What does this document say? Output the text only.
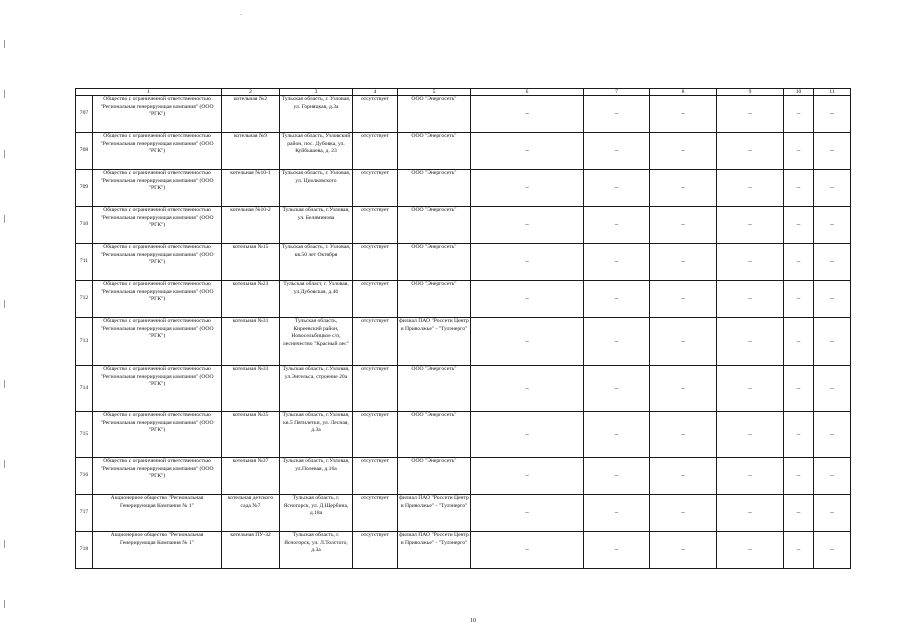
-
1		2	3	4	5	6	7	8	9	10	11
707	Общество с ограниченной ответственностью "Региональная генерирующая компания" (ООО "РГК")	котельная №2	Тульская область, г. Узловая, ул. Горняцкая, д.3а	отсутствует	ООО "Энергосеть"	–	–	–	–	–	–
708	Общество с ограниченной ответственностью "Региональная генерирующая компания" (ООО "РГК")	котельная №9	Тульская область, Узловский район, пос. Дубовка, ул. Куйбышева, д. 23	отсутствует	ООО "Энергосеть"	–	–	–	–	–	–
709	Общество с ограниченной ответственностью "Региональная генерирующая компания" (ООО "РГК")	котельная №10-1	Тульская область, г. Узловая, ул. Циолковского	отсутствует	ООО "Энергосеть"	–	–	–	–	–	–
710	Общество с ограниченной ответственностью "Региональная генерирующая компания" (ООО "РГК")	котельная №10-2	Тульская область, г.Узловая, ул. Беляминова	отсутствует	ООО "Энергосеть"	–	–	–	–	–	–
711	Общество с ограниченной ответственностью "Региональная генерирующая компания" (ООО "РГК")	котельная №15	Тульская область, г. Узловая, кв.50 лет Октября	отсутствует	ООО "Энергосеть"	–	–	–	–	–	–
712	Общество с ограниченной ответственностью "Региональная генерирующая компания" (ООО "РГК")	котельная №23	Тульская област, г. Узловая, ул.Дубовская, д.46	отсутствует	ООО "Энергосеть"	–	–	–	–	–	–
713	Общество с ограниченной ответственностью "Региональная генерирующая компания" (ООО "РГК")	котельная №31	Тульская область, Киреевский район, Новосельбицкое с/п, лесничество "Красный лес"	отсутствует	филиал ПАО "Россети Центр и Приволжье" - "Тулэнерго"	–	–	–	–	–	–
714	Общество с ограниченной ответственностью "Региональная генерирующая компания" (ООО "РГК")	котельная №33	Тульская область, г.Узловая, ул.Энгельса, строение 20а	отсутствует	ООО "Энергосеть"	–	–	–	–	–	–
715	Общество с ограниченной ответственностью "Региональная генерирующая компания" (ООО "РГК")	котельная №35	Тульская область, г.Узловая, кв.5 Пятилетки, ул. Лесная, д.3а	отсутствует	ООО "Энергосеть"	–	–	–	–	–	–
716	Общество с ограниченной ответственностью "Региональная генерирующая компания" (ООО "РГК")	котельная №37	Тульская область, г.Узловая, ул.Полевая, д.16а	отсутствует	ООО "Энергосеть"	–	–	–	–	–	–
717	Акционерное общество "Региональная Генерирующая Компания № 1"	котельная детского сада №7	Тульская область, г. Ясногорск, ул. Д.Щербина, д.18а	отсутствует	филиал ПАО "Россети Центр и Приволжье" - "Тулэнерго"	–	–	–	–	–	–
718	Акционерное общество "Региональная Генерирующая Компания № 1"	котельная ПУ-32	Тульская область, г. Ясногорск, ул. Л.Толстого, д.3а	отсутствует	филиал ПАО "Россети Центр и Приволжье" - "Тулэнерго"	–	–	–	–	–	–
10
